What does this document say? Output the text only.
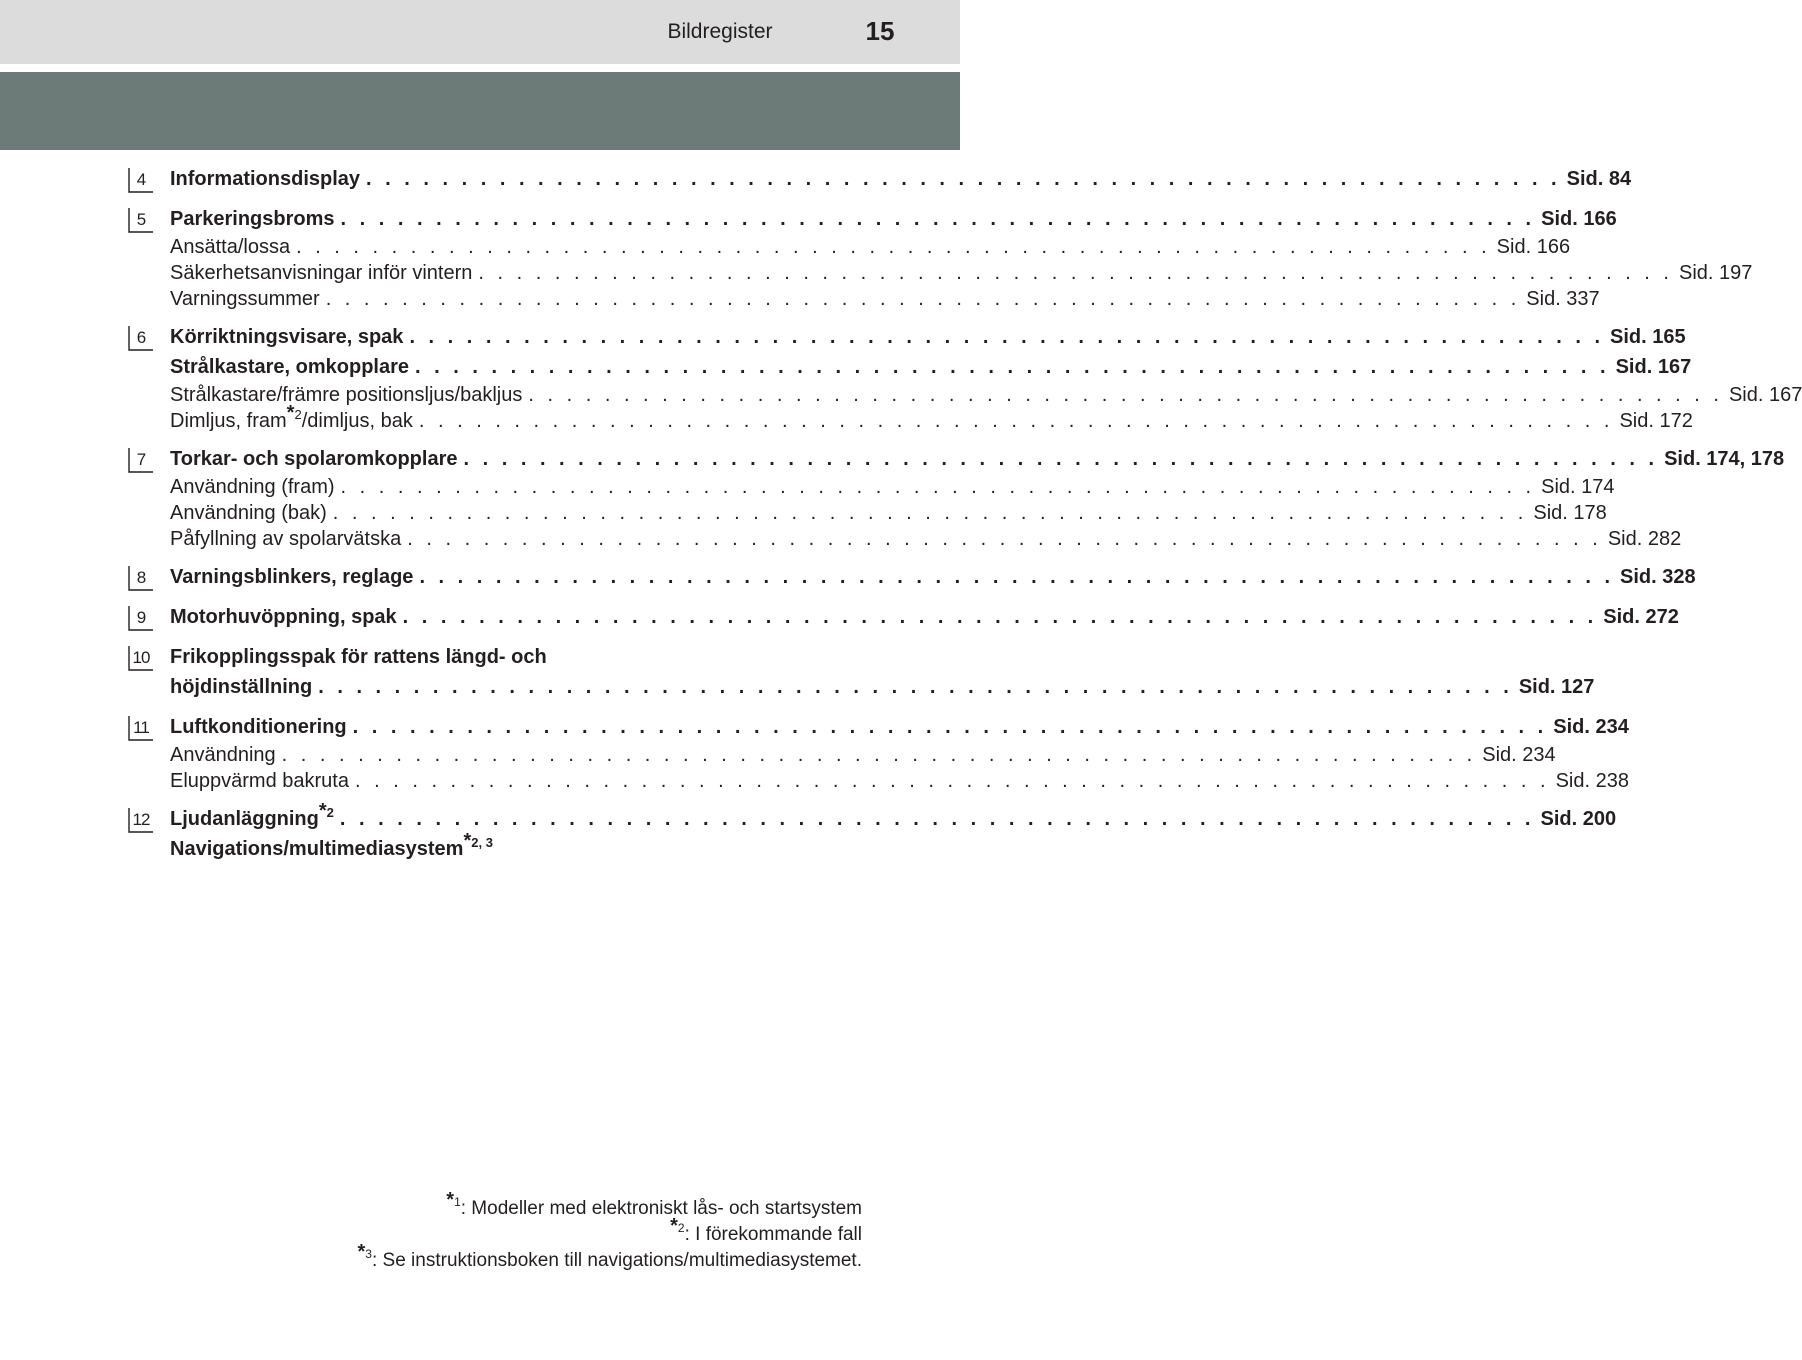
Bildregister	15
4	Informationsdisplay . . . . . . . . . . . . . . . . . . . . . . . . . . . . . . . . . . . . . . . . . . . . . . . . . . . . . . . . . . . . . . . Sid. 84
5	Parkeringsbroms . . . . . . . . . . . . . . . . . . . . . . . . . . . . . . . . . . . . . . . . . . . . . . . . . . . . . . . . . . . . . . . Sid. 166
Ansätta/lossa . . . . . . . . . . . . . . . . . . . . . . . . . . . . . . . . . . . . . . . . . . . . . . . . . . . . . . . . . . . . . . . Sid. 166
Säkerhetsanvisningar inför vintern . . . . . . . . . . . . . . . . . . . . . . . . . . . . . . . . . . . . . . . . . . . . . . . . . . . . . . . . . . . . . . . Sid. 197
Varningssummer . . . . . . . . . . . . . . . . . . . . . . . . . . . . . . . . . . . . . . . . . . . . . . . . . . . . . . . . . . . . . . . Sid. 337
6	Körriktningsvisare, spak . . . . . . . . . . . . . . . . . . . . . . . . . . . . . . . . . . . . . . . . . . . . . . . . . . . . . . . . . . . . . . . Sid. 165
Strålkastare, omkopplare . . . . . . . . . . . . . . . . . . . . . . . . . . . . . . . . . . . . . . . . . . . . . . . . . . . . . . . . . . . . . . . Sid. 167
Strålkastare/främre positionsljus/bakljus . . . . . . . . . . . . . . . . . . . . . . . . . . . . . . . . . . . . . . . . . . . . . . . . . . . . . . . . . . . . . . . Sid. 167
Dimljus, fram$^{*2}$/dimljus, bak . . . . . . . . . . . . . . . . . . . . . . . . . . . . . . . . . . . . . . . . . . . . . . . . . . . . . . . . . . . . . . . Sid. 172
7	Torkar- och spolaromkopplare . . . . . . . . . . . . . . . . . . . . . . . . . . . . . . . . . . . . . . . . . . . . . . . . . . . . . . . . . . . . . . . Sid. 174, 178
Användning (fram) . . . . . . . . . . . . . . . . . . . . . . . . . . . . . . . . . . . . . . . . . . . . . . . . . . . . . . . . . . . . . . . Sid. 174
Användning (bak) . . . . . . . . . . . . . . . . . . . . . . . . . . . . . . . . . . . . . . . . . . . . . . . . . . . . . . . . . . . . . . . Sid. 178
Påfyllning av spolarvätska . . . . . . . . . . . . . . . . . . . . . . . . . . . . . . . . . . . . . . . . . . . . . . . . . . . . . . . . . . . . . . . Sid. 282
8	Varningsblinkers, reglage . . . . . . . . . . . . . . . . . . . . . . . . . . . . . . . . . . . . . . . . . . . . . . . . . . . . . . . . . . . . . . . Sid. 328
9	Motorhuvöppning, spak . . . . . . . . . . . . . . . . . . . . . . . . . . . . . . . . . . . . . . . . . . . . . . . . . . . . . . . . . . . . . . . Sid. 272
10 Frikopplingsspak för rattens längd- och
höjdinställning . . . . . . . . . . . . . . . . . . . . . . . . . . . . . . . . . . . . . . . . . . . . . . . . . . . . . . . . . . . . . . . Sid. 127
11 Luftkonditionering . . . . . . . . . . . . . . . . . . . . . . . . . . . . . . . . . . . . . . . . . . . . . . . . . . . . . . . . . . . . . . . Sid. 234
Användning . . . . . . . . . . . . . . . . . . . . . . . . . . . . . . . . . . . . . . . . . . . . . . . . . . . . . . . . . . . . . . . Sid. 234
Eluppvärmd bakruta . . . . . . . . . . . . . . . . . . . . . . . . . . . . . . . . . . . . . . . . . . . . . . . . . . . . . . . . . . . . . . . Sid. 238
12 Ljudanläggning$^{*2}$ . . . . . . . . . . . . . . . . . . . . . . . . . . . . . . . . . . . . . . . . . . . . . . . . . . . . . . . . . . . . . . . Sid. 200
Navigations/multimediasystem$^{*2, 3}$
$^{*1}$: Modeller med elektroniskt lås- och startsystem
$^{*2}$: I förekommande fall
$^{*3}$: Se instruktionsboken till navigations/multimediasystemet.
